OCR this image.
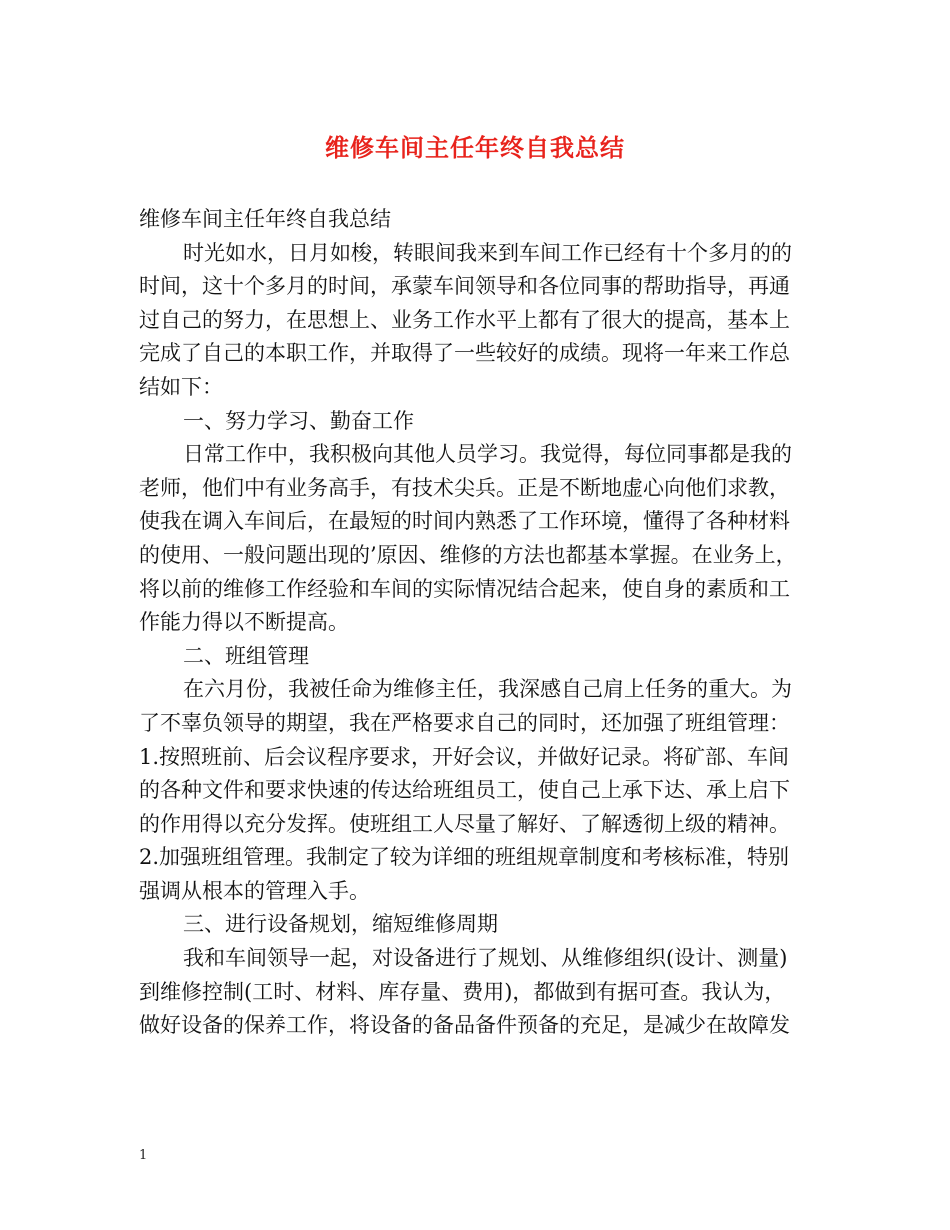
维修车间主任年终自我总结
维修车间主任年终自我总结
时光如水，日月如梭，转眼间我来到车间工作已经有十个多月的的
时间，这十个多月的时间，承蒙车间领导和各位同事的帮助指导，再通
过自己的努力，在思想上、业务工作水平上都有了很大的提高，基本上
完成了自己的本职工作，并取得了一些较好的成绩。现将一年来工作总
结如下：
一、努力学习、勤奋工作
日常工作中，我积极向其他人员学习。我觉得，每位同事都是我的
老师，他们中有业务高手，有技术尖兵。正是不断地虚心向他们求教，
使我在调入车间后，在最短的时间内熟悉了工作环境，懂得了各种材料
的使用、一般问题出现的’原因、维修的方法也都基本掌握。在业务上，
将以前的维修工作经验和车间的实际情况结合起来，使自身的素质和工
作能力得以不断提高。
二、班组管理
在六月份，我被任命为维修主任，我深感自己肩上任务的重大。为
了不辜负领导的期望，我在严格要求自己的同时，还加强了班组管理：
1.按照班前、后会议程序要求，开好会议，并做好记录。将矿部、车间
的各种文件和要求快速的传达给班组员工，使自己上承下达、承上启下
的作用得以充分发挥。使班组工人尽量了解好、了解透彻上级的精神。
2.加强班组管理。我制定了较为详细的班组规章制度和考核标准，特别
强调从根本的管理入手。
三、进行设备规划，缩短维修周期
我和车间领导一起，对设备进行了规划、从维修组织(设计、测量)
到维修控制(工时、材料、库存量、费用)，都做到有据可查。我认为，
做好设备的保养工作，将设备的备品备件预备的充足，是减少在故障发
1
